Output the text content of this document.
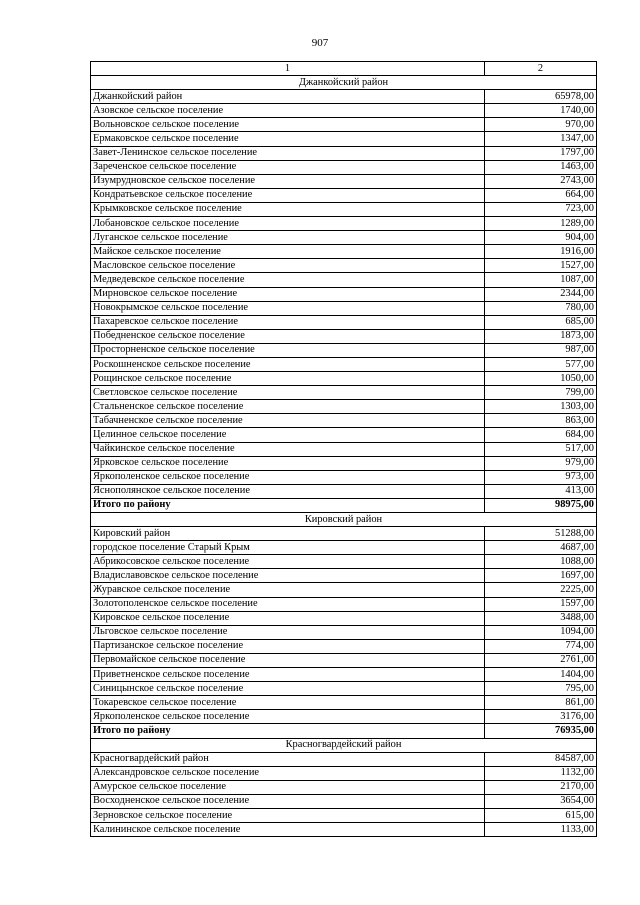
907
1	2
Джанкойский район	
Джанкойский район	65978,00
Азовское сельское поселение	1740,00
Вольновское сельское поселение	970,00
Ермаковское сельское поселение	1347,00
Завет-Ленинское сельское поселение	1797,00
Зареченское сельское поселение	1463,00
Изумрудновское сельское поселение	2743,00
Кондратьевское сельское поселение	664,00
Крымковское сельское поселение	723,00
Лобановское сельское поселение	1289,00
Луганское сельское поселение	904,00
Майское сельское поселение	1916,00
Масловское сельское поселение	1527,00
Медведевское сельское поселение	1087,00
Мирновское сельское поселение	2344,00
Новокрымское сельское поселение	780,00
Пахаревское сельское поселение	685,00
Победненское сельское поселение	1873,00
Просторненское сельское поселение	987,00
Роскошненское сельское поселение	577,00
Рощинское сельское поселение	1050,00
Светловское сельское поселение	799,00
Стальненское сельское поселение	1303,00
Табачненское сельское поселение	863,00
Целинное сельское поселение	684,00
Чайкинское сельское поселение	517,00
Ярковское сельское поселение	979,00
Яркополенское сельское поселение	973,00
Яснополянское сельское поселение	413,00
Итого по району	98975,00
Кировский район	
Кировский район	51288,00
городское поселение Старый Крым	4687,00
Абрикосовское сельское поселение	1088,00
Владиславовское сельское поселение	1697,00
Журавское сельское поселение	2225,00
Золотополенское сельское поселение	1597,00
Кировское сельское поселение	3488,00
Льговское сельское поселение	1094,00
Партизанское сельское поселение	774,00
Первомайское сельское поселение	2761,00
Приветненское сельское поселение	1404,00
Синицынское сельское поселение	795,00
Токаревское сельское поселение	861,00
Яркополенское сельское поселение	3176,00
Итого по району	76935,00
Красногвардейский район	
Красногвардейский район	84587,00
Александровское сельское поселение	1132,00
Амурское сельское поселение	2170,00
Восходненское сельское поселение	3654,00
Зерновское сельское поселение	615,00
Калининское сельское поселение	1133,00
